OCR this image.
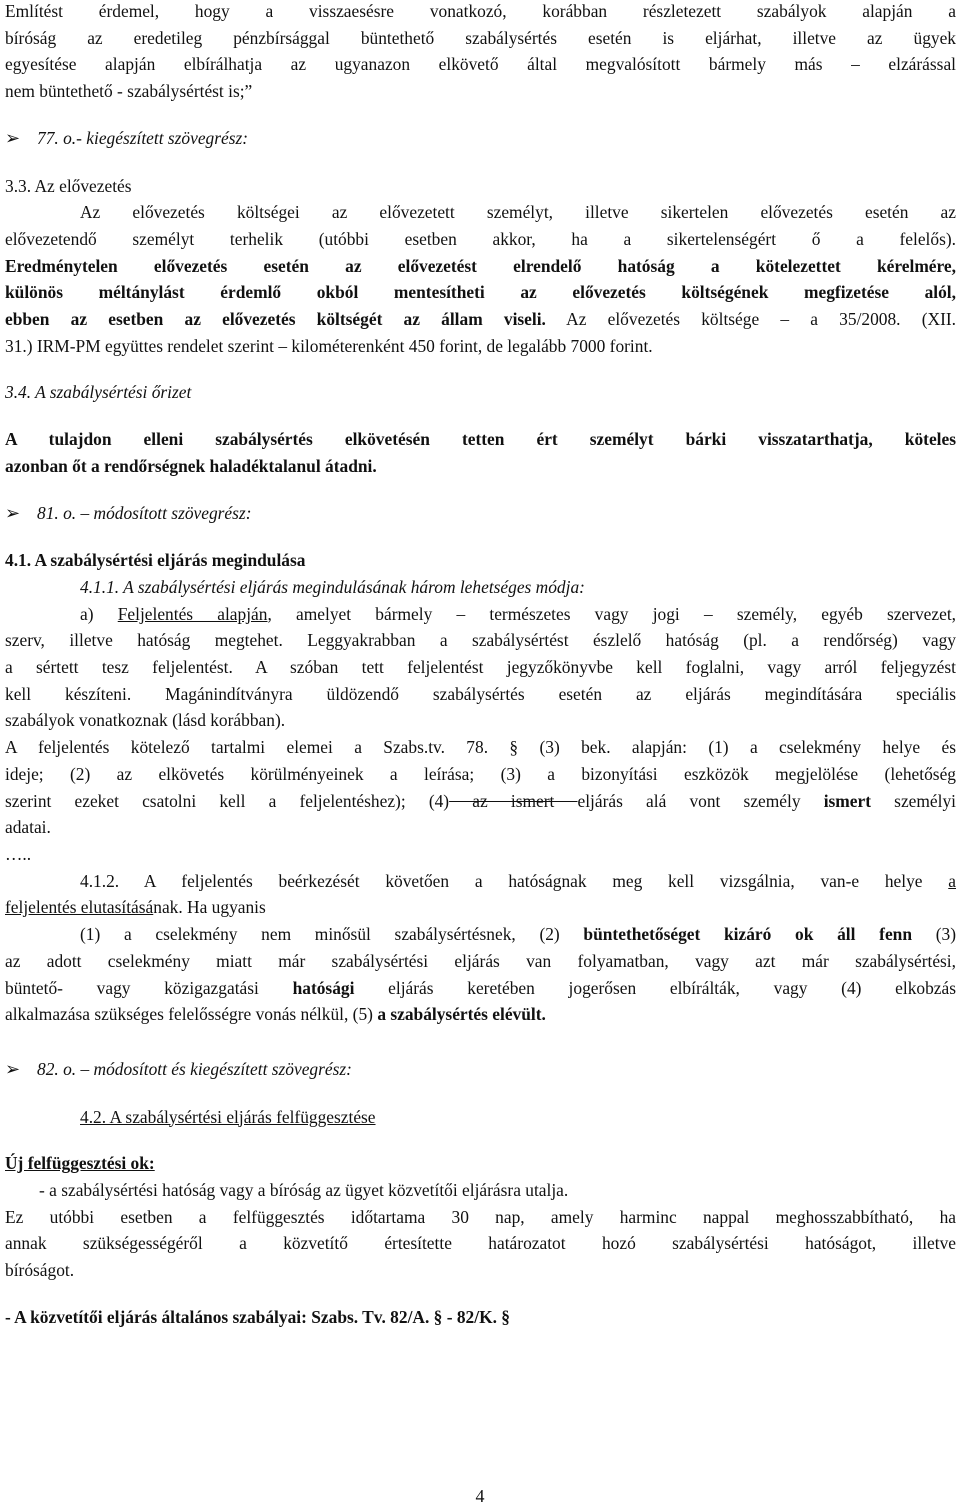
Említést érdemel, hogy a visszaesésre vonatkozó, korábban részletezett szabályok alapján a

bíróság az eredetileg pénzbírsággal büntethető szabálysértés esetén is eljárhat, illetve az ügyek

egyesítése alapján elbírálhatja az ugyanazon elkövető által megvalósított bármely más – elzárással

nem büntethető - szabálysértést is;”

➢ 77. o.- kiegészített szövegrész:

3.3. Az elővezetés

Az elővezetés költségei az elővezetett személyt, illetve sikertelen elővezetés esetén az

elővezetendő személyt terhelik (utóbbi esetben akkor, ha a sikertelenségért ő a felelős).

Eredménytelen elővezetés esetén az elővezetést elrendelő hatóság a kötelezettet kérelmére,

különös méltánylást érdemlő okból mentesítheti az elővezetés költségének megfizetése alól,

ebben az esetben az elővezetés költségét az állam viseli. Az elővezetés költsége – a 35/2008. (XII.

31.) IRM-PM együttes rendelet szerint – kilométerenként 450 forint, de legalább 7000 forint.

3.4. A szabálysértési őrizet

A tulajdon elleni szabálysértés elkövetésén tetten ért személyt bárki visszatarthatja, köteles

azonban őt a rendőrségnek haladéktalanul átadni.

➢ 81. o. – módosított szövegrész:

4.1. A szabálysértési eljárás megindulása

4.1.1. A szabálysértési eljárás megindulásának három lehetséges módja:

a) Feljelentés alapján, amelyet bármely – természetes vagy jogi – személy, egyéb szervezet,

szerv, illetve hatóság megtehet. Leggyakrabban a szabálysértést észlelő hatóság (pl. a rendőrség) vagy

a sértett tesz feljelentést. A szóban tett feljelentést jegyzőkönyvbe kell foglalni, vagy arról feljegyzést

kell készíteni. Magánindítványra üldözendő szabálysértés esetén az eljárás megindítására speciális

szabályok vonatkoznak (lásd korábban).

A feljelentés kötelező tartalmi elemei a Szabs.tv. 78. § (3) bek. alapján: (1) a cselekmény helye és

ideje; (2) az elkövetés körülményeinek a leírása; (3) a bizonyítási eszközök megjelölése (lehetőség

szerint ezeket csatolni kell a feljelentéshez); (4) az ismert eljárás alá vont személy ismert személyi

adatai.

…..

4.1.2. A feljelentés beérkezését követően a hatóságnak meg kell vizsgálnia, van-e helye a

feljelentés elutasításának. Ha ugyanis

(1) a cselekmény nem minősül szabálysértésnek, (2) büntethetőséget kizáró ok áll fenn (3)

az adott cselekmény miatt már szabálysértési eljárás van folyamatban, vagy azt már szabálysértési,

büntető- vagy közigazgatási hatósági eljárás keretében jogerősen elbírálták, vagy (4) elkobzás

alkalmazása szükséges felelősségre vonás nélkül, (5) a szabálysértés elévült.

➢ 82. o. – módosított és kiegészített szövegrész:

4.2. A szabálysértési eljárás felfüggesztése

Új felfüggesztési ok:

- a szabálysértési hatóság vagy a bíróság az ügyet közvetítői eljárásra utalja.

Ez utóbbi esetben a felfüggesztés időtartama 30 nap, amely harminc nappal meghosszabbítható, ha

annak szükségességéről a közvetítő értesítette határozatot hozó szabálysértési hatóságot, illetve

bíróságot.

- A közvetítői eljárás általános szabályai: Szabs. Tv. 82/A. § - 82/K. §

4
